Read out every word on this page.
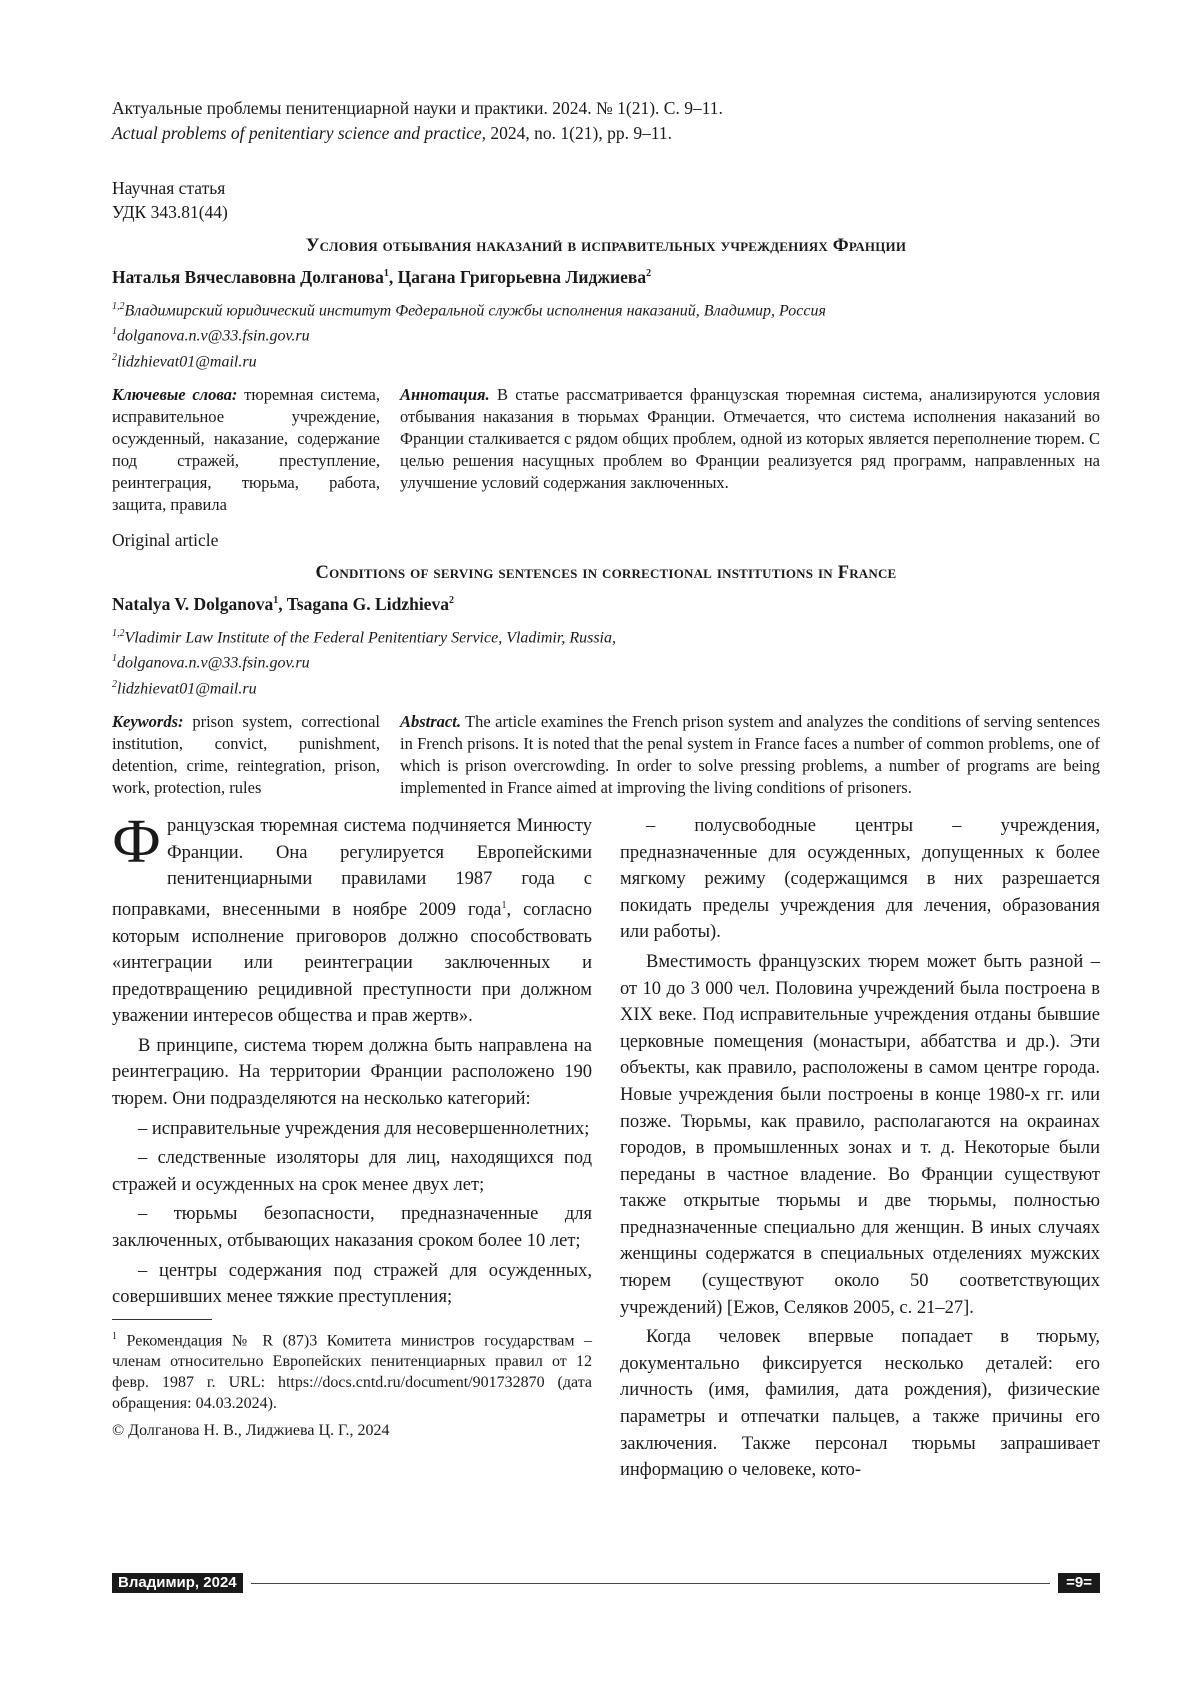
Актуальные проблемы пенитенциарной науки и практики. 2024. № 1(21). С. 9–11.
Actual problems of penitentiary science and practice, 2024, no. 1(21), pp. 9–11.
Научная статья
УДК 343.81(44)
Условия отбывания наказаний в исправительных учреждениях Франции
Наталья Вячеславовна Долганова$^1$, Цагана Григорьевна Лиджиева$^2$
$^{1,2}$Владимирский юридический институт Федеральной службы исполнения наказаний, Владимир, Россия
$^1$dolganova.n.v@33.fsin.gov.ru
$^2$lidzhievat01@mail.ru
Ключевые слова: тюремная система, исправительное учреждение, осужденный, наказание, содержание под стражей, преступление, реинтеграция, тюрьма, работа, защита, правила
Аннотация. В статье рассматривается французская тюремная система, анализируются условия отбывания наказания в тюрьмах Франции. Отмечается, что система исполнения наказаний во Франции сталкивается с рядом общих проблем, одной из которых является переполнение тюрем. С целью решения насущных проблем во Франции реализуется ряд программ, направленных на улучшение условий содержания заключенных.
Original article
Conditions of serving sentences in correctional institutions in France
Natalya V. Dolganova$^1$, Tsagana G. Lidzhieva$^2$
$^{1,2}$Vladimir Law Institute of the Federal Penitentiary Service, Vladimir, Russia,
$^1$dolganova.n.v@33.fsin.gov.ru
$^2$lidzhievat01@mail.ru
Keywords: prison system, correctional institution, convict, punishment, detention, crime, reintegration, prison, work, protection, rules
Abstract. The article examines the French prison system and analyzes the conditions of serving sentences in French prisons. It is noted that the penal system in France faces a number of common problems, one of which is prison overcrowding. In order to solve pressing problems, a number of programs are being implemented in France aimed at improving the living conditions of prisoners.

Французская тюремная система подчиняется Минюсту Франции. Она регулируется Европейскими пенитенциарными правилами 1987 года с поправками, внесенными в ноябре 2009 года$^1$, согласно которым исполнение приговоров должно способствовать «интеграции или реинтеграции заключенных и предотвращению рецидивной преступности при должном уважении интересов общества и прав жертв».

В принципе, система тюрем должна быть направлена на реинтеграцию. На территории Франции расположено 190 тюрем. Они подразделяются на несколько категорий:

– исправительные учреждения для несовершеннолетних;

– следственные изоляторы для лиц, находящихся под стражей и осужденных на срок менее двух лет;

– тюрьмы безопасности, предназначенные для заключенных, отбывающих наказания сроком более 10 лет;

– центры содержания под стражей для осужденных, совершивших менее тяжкие преступления;

$^1$ Рекомендация № R (87)3 Комитета министров государствам – членам относительно Европейских пенитенциарных правил от 12 февр. 1987 г. URL: https://docs.cntd.ru/document/901732870 (дата обращения: 04.03.2024).
© Долганова Н. В., Лиджиева Ц. Г., 2024

– полусвободные центры – учреждения, предназначенные для осужденных, допущенных к более мягкому режиму (содержащимся в них разрешается покидать пределы учреждения для лечения, образования или работы).

Вместимость французских тюрем может быть разной – от 10 до 3 000 чел. Половина учреждений была построена в XIX веке. Под исправительные учреждения отданы бывшие церковные помещения (монастыри, аббатства и др.). Эти объекты, как правило, расположены в самом центре города. Новые учреждения были построены в конце 1980-х гг. или позже. Тюрьмы, как правило, располагаются на окраинах городов, в промышленных зонах и т. д. Некоторые были переданы в частное владение. Во Франции существуют также открытые тюрьмы и две тюрьмы, полностью предназначенные специально для женщин. В иных случаях женщины содержатся в специальных отделениях мужских тюрем (существуют около 50 соответствующих учреждений) [Ежов, Селяков 2005, с. 21–27].

Когда человек впервые попадает в тюрьму, документально фиксируется несколько деталей: его личность (имя, фамилия, дата рождения), физические параметры и отпечатки пальцев, а также причины его заключения. Также персонал тюрьмы запрашивает информацию о человеке, кото-

Владимир, 2024	=9=
